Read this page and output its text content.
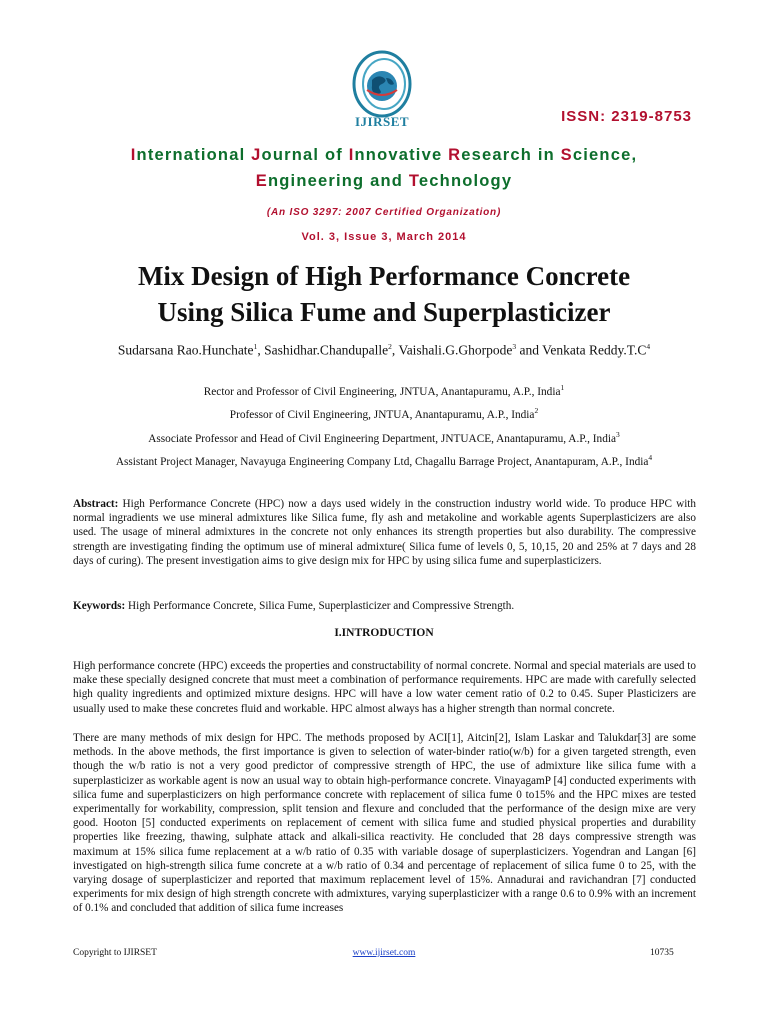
IJIRSET	ISSN: 2319-8753
International Journal of Innovative Research in Science,
Engineering and Technology
(An ISO 3297: 2007 Certified Organization)
Vol. 3, Issue 3, March 2014
Mix Design of High Performance Concrete
Using Silica Fume and Superplasticizer
Sudarsana Rao.Hunchate$^1$, Sashidhar.Chandupalle$^2$, Vaishali.G.Ghorpode$^3$ and Venkata $Reddy.T.C^4$
Rector and Professor of Civil Engineering, JNTUA, Anantapuramu, A.P., India$^1$
Professor of Civil Engineering, JNTUA, Anantapuramu, A.P., India$^2$
Associate Professor and Head of Civil Engineering Department, JNTUACE, Anantapuramu, A.P., India$^3$
Assistant Project Manager, Navayuga Engineering Company Ltd, Chagallu Barrage Project, Anantapuram, A.P., India$^4$
Abstract: High Performance Concrete (HPC) now a days used widely in the construction industry world wide. To produce HPC with normal ingradients we use mineral admixtures like Silica fume, fly ash and metakoline and workable agents Superplasticizers are also used. The usage of mineral admixtures in the concrete not only enhances its strength properties but also durability. The compressive strength are investigating finding the optimum use of mineral admixture( Silica fume of levels 0, 5, 10,15, 20 and 25% at 7 days and 28 days of curing). The present investigation aims to give design mix for HPC by using silica fume and superplasticizers.
Keywords: High Performance Concrete, Silica Fume, Superplasticizer and Compressive Strength.
I.INTRODUCTION
High performance concrete (HPC) exceeds the properties and constructability of normal concrete. Normal and special materials are used to make these specially designed concrete that must meet a combination of performance requirements. HPC are made with carefully selected high quality ingredients and optimized mixture designs. HPC will have a low water cement ratio of 0.2 to 0.45. Super Plasticizers are usually used to make these concretes fluid and workable. HPC almost always has a higher strength than normal concrete.
There are many methods of mix design for HPC. The methods proposed by ACI[1], Aitcin[2], Islam Laskar and Talukdar[3] are some methods. In the above methods, the first importance is given to selection of water-binder ratio(w/b) for a given targeted strength, even though the w/b ratio is not a very good predictor of compressive strength of HPC, the use of admixture like silica fume with a superplasticizer as workable agent is now an usual way to obtain high-performance concrete. VinayagamP [4] conducted experiments with silica fume and superplasticizers on high performance concrete with replacement of silica fume 0 to15% and the HPC mixes are tested experimentally for workability, compression, split tension and flexure and concluded that the performance of the design mixe are very good. Hooton [5] conducted experiments on replacement of cement with silica fume and studied physical properties and durability properties like freezing, thawing, sulphate attack and alkali-silica reactivity. He concluded that 28 days compressive strength was maximum at 15% silica fume replacement at a w/b ratio of 0.35 with variable dosage of superplasticizers. Yogendran and Langan [6] investigated on high-strength silica fume concrete at a w/b ratio of 0.34 and percentage of replacement of silica fume 0 to 25, with the varying dosage of superplasticizer and reported that maximum replacement level of 15%. Annadurai and ravichandran [7] conducted experiments for mix design of high strength concrete with admixtures, varying superplasticizer with a range 0.6 to 0.9% with an increment of 0.1% and concluded that addition of silica fume increases
Copyright to IJIRSET	www.ijirset.com	10735
